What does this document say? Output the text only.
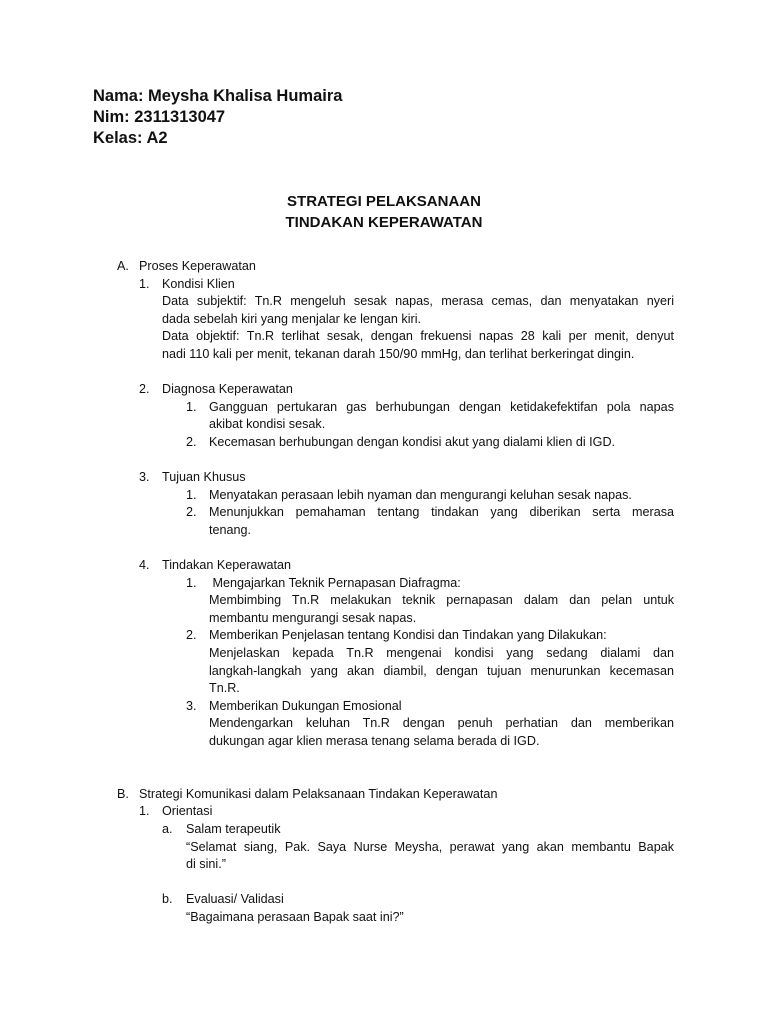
Nama: Meysha Khalisa Humaira
Nim: 2311313047
Kelas: A2
STRATEGI PELAKSANAAN
TINDAKAN KEPERAWATAN
A. Proses Keperawatan
1. Kondisi Klien
Data subjektif: Tn.R mengeluh sesak napas, merasa cemas, dan menyatakan nyeri
dada sebelah kiri yang menjalar ke lengan kiri.
Data objektif: Tn.R terlihat sesak, dengan frekuensi napas 28 kali per menit, denyut
nadi 110 kali per menit, tekanan darah 150/90 mmHg, dan terlihat berkeringat dingin.
2. Diagnosa Keperawatan
1. Gangguan pertukaran gas berhubungan dengan ketidakefektifan pola napas
akibat kondisi sesak.
2. Kecemasan berhubungan dengan kondisi akut yang dialami klien di IGD.
3. Tujuan Khusus
1. Menyatakan perasaan lebih nyaman dan mengurangi keluhan sesak napas.
2. Menunjukkan pemahaman tentang tindakan yang diberikan serta merasa
tenang.
4. Tindakan Keperawatan
1. Mengajarkan Teknik Pernapasan Diafragma:
Membimbing Tn.R melakukan teknik pernapasan dalam dan pelan untuk
membantu mengurangi sesak napas.
2. Memberikan Penjelasan tentang Kondisi dan Tindakan yang Dilakukan:
Menjelaskan kepada Tn.R mengenai kondisi yang sedang dialami dan
langkah-langkah yang akan diambil, dengan tujuan menurunkan kecemasan
Tn.R.
3. Memberikan Dukungan Emosional
Mendengarkan keluhan Tn.R dengan penuh perhatian dan memberikan
dukungan agar klien merasa tenang selama berada di IGD.
B. Strategi Komunikasi dalam Pelaksanaan Tindakan Keperawatan
1. Orientasi
a. Salam terapeutik
“Selamat siang, Pak. Saya Nurse Meysha, perawat yang akan membantu Bapak
di sini.”
b. Evaluasi/ Validasi
“Bagaimana perasaan Bapak saat ini?”
